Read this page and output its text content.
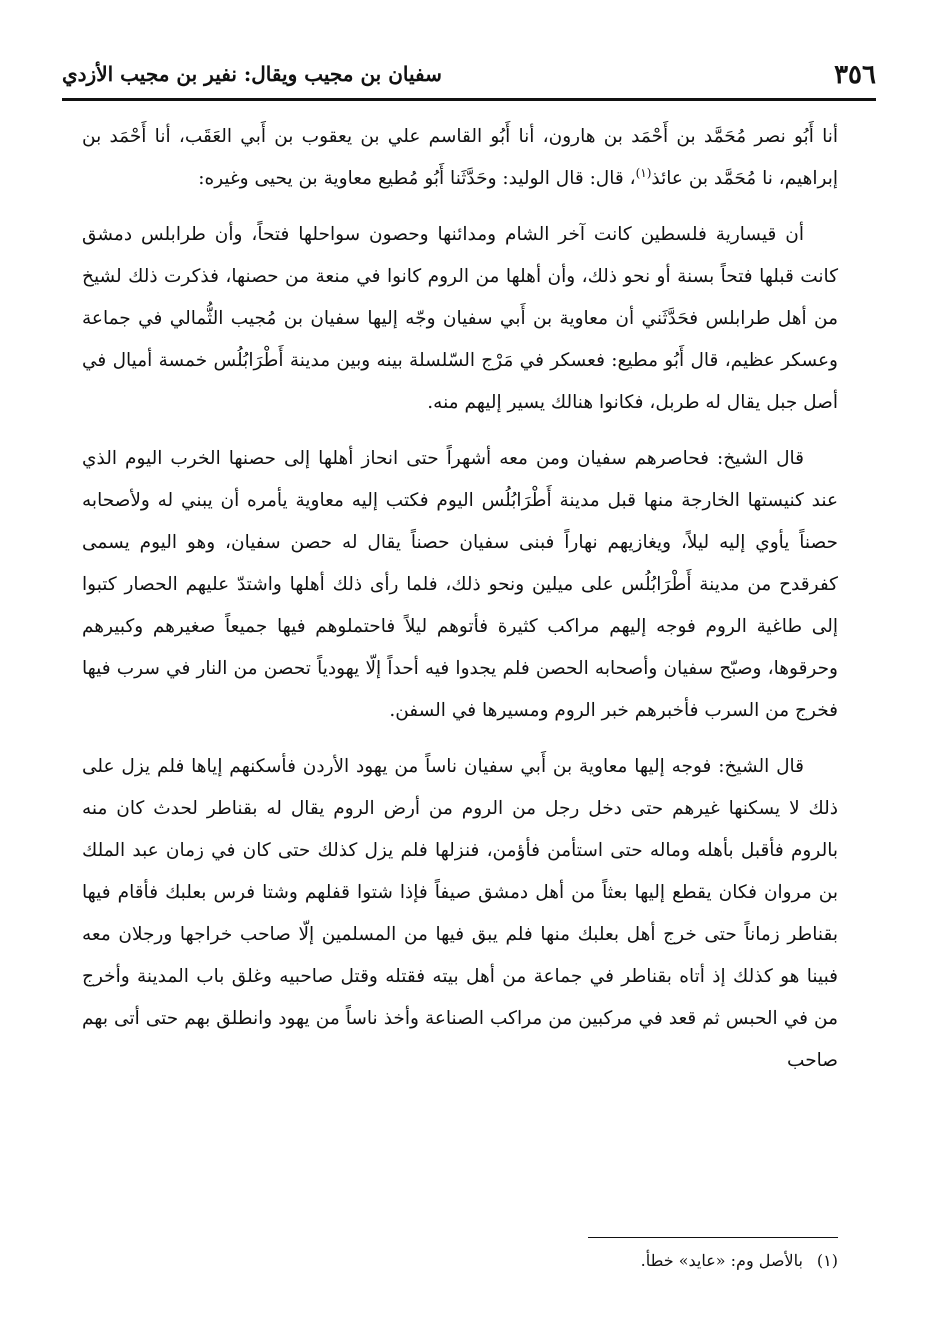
٣٥٦
سفيان بن مجيب ويقال: نفير بن مجيب الأزدي

أنا أَبُو نصر مُحَمَّد بن أَحْمَد بن هارون، أنا أَبُو القاسم علي بن يعقوب بن أَبي العَقَب، أنا أَحْمَد بن إبراهيم، نا مُحَمَّد بن عائذ$^{(١)}$، قال: قال الوليد: وحَدَّثَنا أَبُو مُطيع معاوية بن يحيى وغيره:

أن قيسارية فلسطين كانت آخر الشام ومدائنها وحصون سواحلها فتحاً، وأن طرابلس دمشق كانت قبلها فتحاً بسنة أو نحو ذلك، وأن أهلها من الروم كانوا في منعة من حصنها، فذكرت ذلك لشيخ من أهل طرابلس فحَدَّثَني أن معاوية بن أَبي سفيان وجّه إليها سفيان بن مُجيب الثُّمالي في جماعة وعسكر عظيم، قال أَبُو مطيع: فعسكر في مَرْج السّلسلة بينه وبين مدينة أَطْرَابُلُس خمسة أميال في أصل جبل يقال له طربل، فكانوا هنالك يسير إليهم منه.

قال الشيخ: فحاصرهم سفيان ومن معه أشهراً حتى انحاز أهلها إلى حصنها الخرب اليوم الذي عند كنيستها الخارجة منها قبل مدينة أَطْرَابُلُس اليوم فكتب إليه معاوية يأمره أن يبني له ولأصحابه حصناً يأوي إليه ليلاً، ويغازيهم نهاراً فبنى سفيان حصناً يقال له حصن سفيان، وهو اليوم يسمى كفرقدح من مدينة أَطْرَابُلُس على ميلين ونحو ذلك، فلما رأى ذلك أهلها واشتدّ عليهم الحصار كتبوا إلى طاغية الروم فوجه إليهم مراكب كثيرة فأتوهم ليلاً فاحتملوهم فيها جميعاً صغيرهم وكبيرهم وحرقوها، وصبّح سفيان وأصحابه الحصن فلم يجدوا فيه أحداً إلّا يهودياً تحصن من النار في سرب فيها فخرج من السرب فأخبرهم خبر الروم ومسيرها في السفن.

قال الشيخ: فوجه إليها معاوية بن أَبي سفيان ناساً من يهود الأردن فأسكنهم إياها فلم يزل على ذلك لا يسكنها غيرهم حتى دخل رجل من الروم من أرض الروم يقال له بقناطر لحدث كان منه بالروم فأقبل بأهله وماله حتى استأمن فأؤمن، فنزلها فلم يزل كذلك حتى كان في زمان عبد الملك بن مروان فكان يقطع إليها بعثاً من أهل دمشق صيفاً فإذا شتوا قفلهم وشتا فرس بعلبك فأقام فيها بقناطر زماناً حتى خرج أهل بعلبك منها فلم يبق فيها من المسلمين إلّا صاحب خراجها ورجلان معه فبينا هو كذلك إذ أتاه بقناطر في جماعة من أهل بيته فقتله وقتل صاحبيه وغلق باب المدينة وأخرج من في الحبس ثم قعد في مركبين من مراكب الصناعة وأخذ ناساً من يهود وانطلق بهم حتى أتى بهم صاحب

(١)بالأصل وم: «عايد» خطأ.
